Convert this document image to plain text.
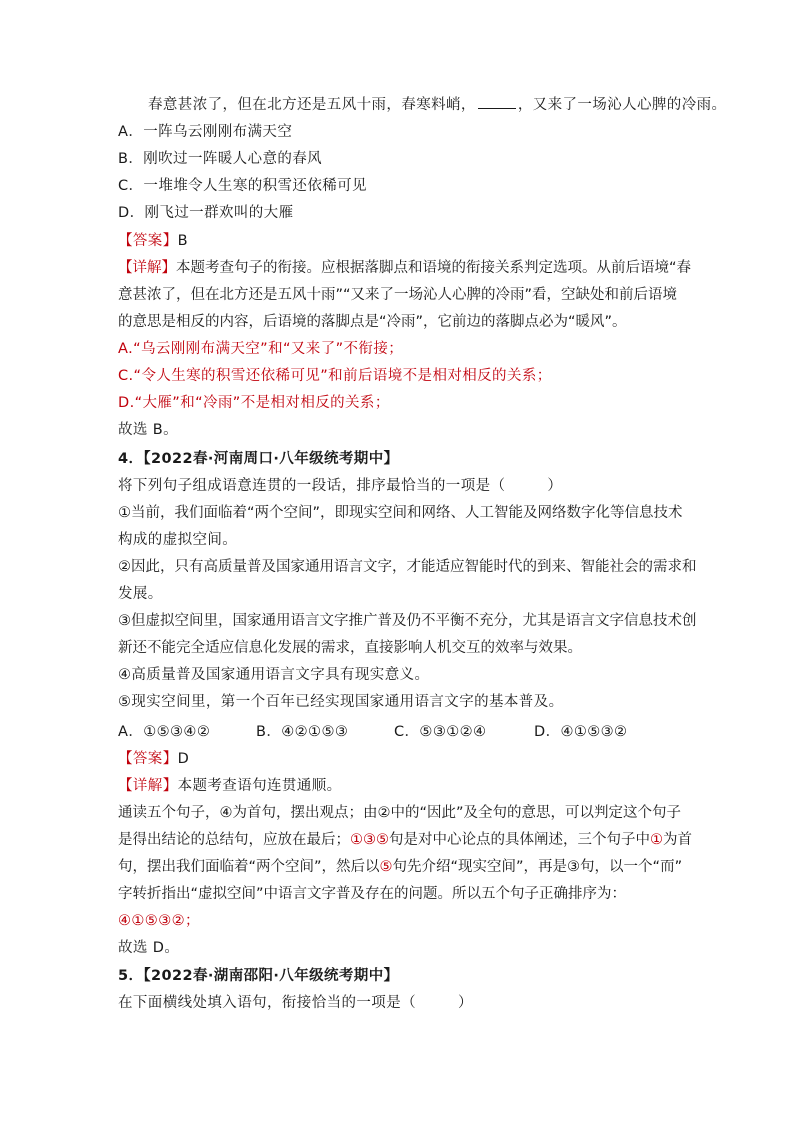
春意甚浓了，但在北方还是五风十雨，春寒料峭，	，又来了一场沁人心脾的冷雨。
A．一阵乌云刚刚布满天空
B．刚吹过一阵暖人心意的春风
C．一堆堆令人生寒的积雪还依稀可见
D．刚飞过一群欢叫的大雁
【答案】B
【详解】本题考查句子的衔接。应根据落脚点和语境的衔接关系判定选项。从前后语境“春
意甚浓了，但在北方还是五风十雨”“又来了一场沁人心脾的冷雨”看，空缺处和前后语境
的意思是相反的内容，后语境的落脚点是“冷雨”，它前边的落脚点必为“暖风”。
A.“乌云刚刚布满天空”和“又来了”不衔接；
C.“令人生寒的积雪还依稀可见”和前后语境不是相对相反的关系；
D.“大雁”和“冷雨”不是相对相反的关系；
故选 B。
4．【2022春·河南周口·八年级统考期中】
将下列句子组成语意连贯的一段话，排序最恰当的一项是（	）
①当前，我们面临着“两个空间”，即现实空间和网络、人工智能及网络数字化等信息技术
构成的虚拟空间。
②因此，只有高质量普及国家通用语言文字，才能适应智能时代的到来、智能社会的需求和
发展。
③但虚拟空间里，国家通用语言文字推广普及仍不平衡不充分，尤其是语言文字信息技术创
新还不能完全适应信息化发展的需求，直接影响人机交互的效率与效果。
④高质量普及国家通用语言文字具有现实意义。
⑤现实空间里，第一个百年已经实现国家通用语言文字的基本普及。
A．①⑤③④②	B．④②①⑤③	C．⑤③①②④	D．④①⑤③②
【答案】D
【详解】本题考查语句连贯通顺。
通读五个句子，④为首句，摆出观点；由②中的“因此”及全句的意思，可以判定这个句子
是得出结论的总结句，应放在最后；①③⑤句是对中心论点的具体阐述，三个句子中①为首
句，摆出我们面临着“两个空间”，然后以⑤句先介绍“现实空间”，再是③句，以一个“而”
字转折指出“虚拟空间”中语言文字普及存在的问题。所以五个句子正确排序为：
④①⑤③②；
故选 D。
5．【2022春·湖南邵阳·八年级统考期中】
在下面横线处填入语句，衔接恰当的一项是（	）
